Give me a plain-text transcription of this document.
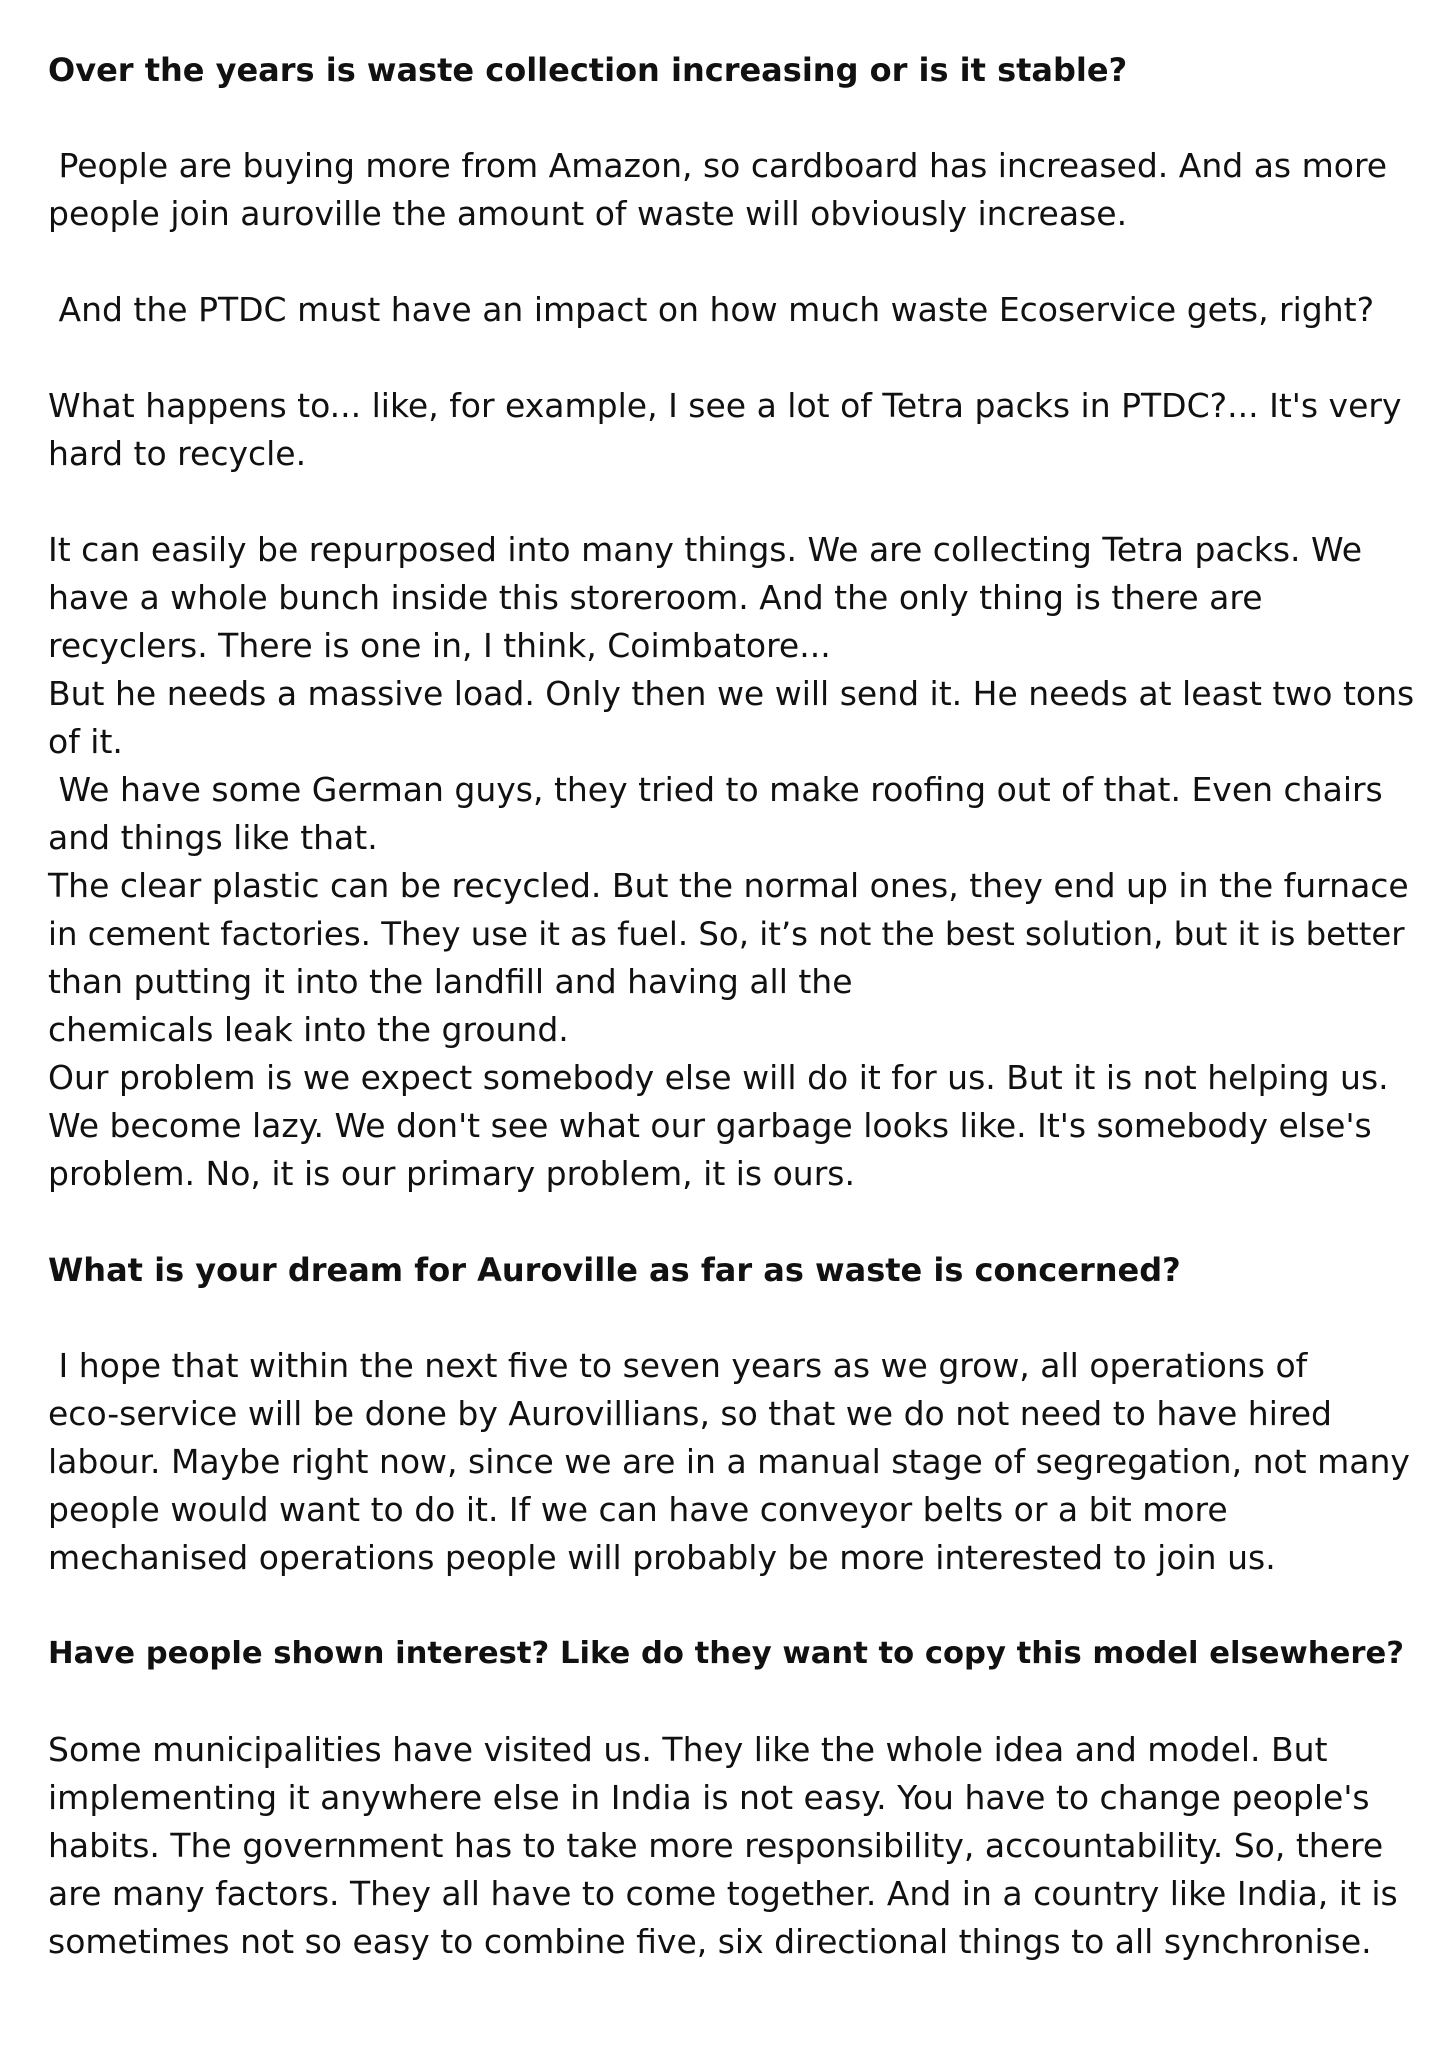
Over the years is waste collection increasing or is it stable?
People are buying more from Amazon, so cardboard has increased. And as more
people join auroville the amount of waste will obviously increase.
And the PTDC must have an impact on how much waste Ecoservice gets, right?
What happens to... like, for example, I see a lot of Tetra packs in PTDC?... It's very
hard to recycle.
It can easily be repurposed into many things. We are collecting Tetra packs. We
have a whole bunch inside this storeroom. And the only thing is there are
recyclers. There is one in, I think, Coimbatore...
But he needs a massive load. Only then we will send it. He needs at least two tons
of it.
We have some German guys, they tried to make roofing out of that. Even chairs
and things like that.
The clear plastic can be recycled. But the normal ones, they end up in the furnace
in cement factories. They use it as fuel. So, it’s not the best solution, but it is better
than putting it into the landfill and having all the
chemicals leak into the ground.
Our problem is we expect somebody else will do it for us. But it is not helping us.
We become lazy. We don't see what our garbage looks like. It's somebody else's
problem. No, it is our primary problem, it is ours.
What is your dream for Auroville as far as waste is concerned?
I hope that within the next five to seven years as we grow, all operations of
eco-service will be done by Aurovillians, so that we do not need to have hired
labour. Maybe right now, since we are in a manual stage of segregation, not many
people would want to do it. If we can have conveyor belts or a bit more
mechanised operations people will probably be more interested to join us.
Have people shown interest? Like do they want to copy this model elsewhere?
Some municipalities have visited us. They like the whole idea and model. But
implementing it anywhere else in India is not easy. You have to change people's
habits. The government has to take more responsibility, accountability. So, there
are many factors. They all have to come together. And in a country like India, it is
sometimes not so easy to combine five, six directional things to all synchronise.
